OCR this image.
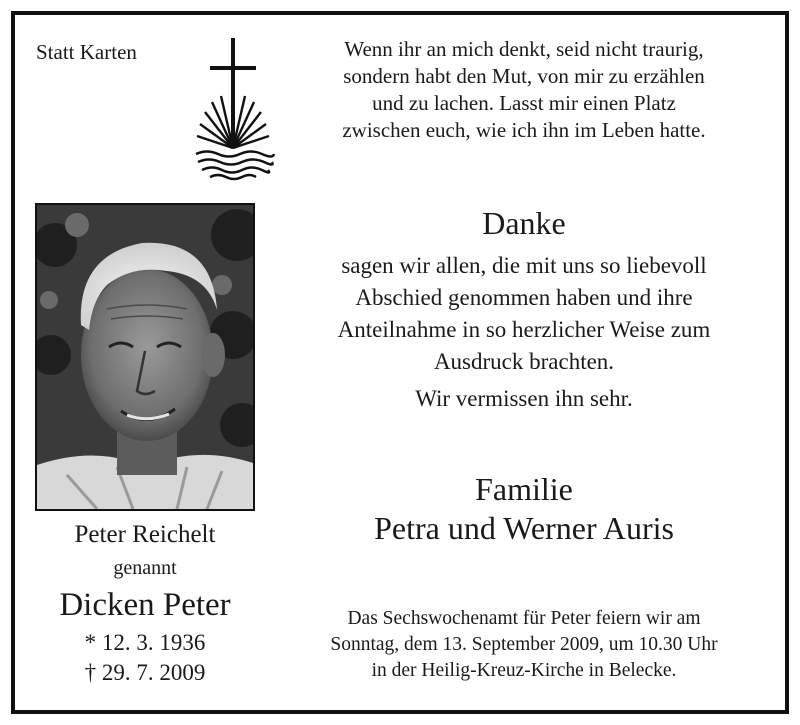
Statt Karten	Wenn ihr an mich denkt, seid nicht traurig,
sondern habt den Mut, von mir zu erzählen
und zu lachen. Lasst mir einen Platz
zwischen euch, wie ich ihn im Leben hatte.
Danke
sagen wir allen, die mit uns so liebevoll
Abschied genommen haben und ihre
Anteilnahme in so herzlicher Weise zum
Ausdruck brachten.
Wir vermissen ihn sehr.
Familie
Petra und Werner Auris
Peter Reichelt
genannt
Dicken Peter
* 12. 3. 1936
† 29. 7. 2009
Das Sechswochenamt für Peter feiern wir am
Sonntag, dem 13. September 2009, um 10.30 Uhr
in der Heilig-Kreuz-Kirche in Belecke.
